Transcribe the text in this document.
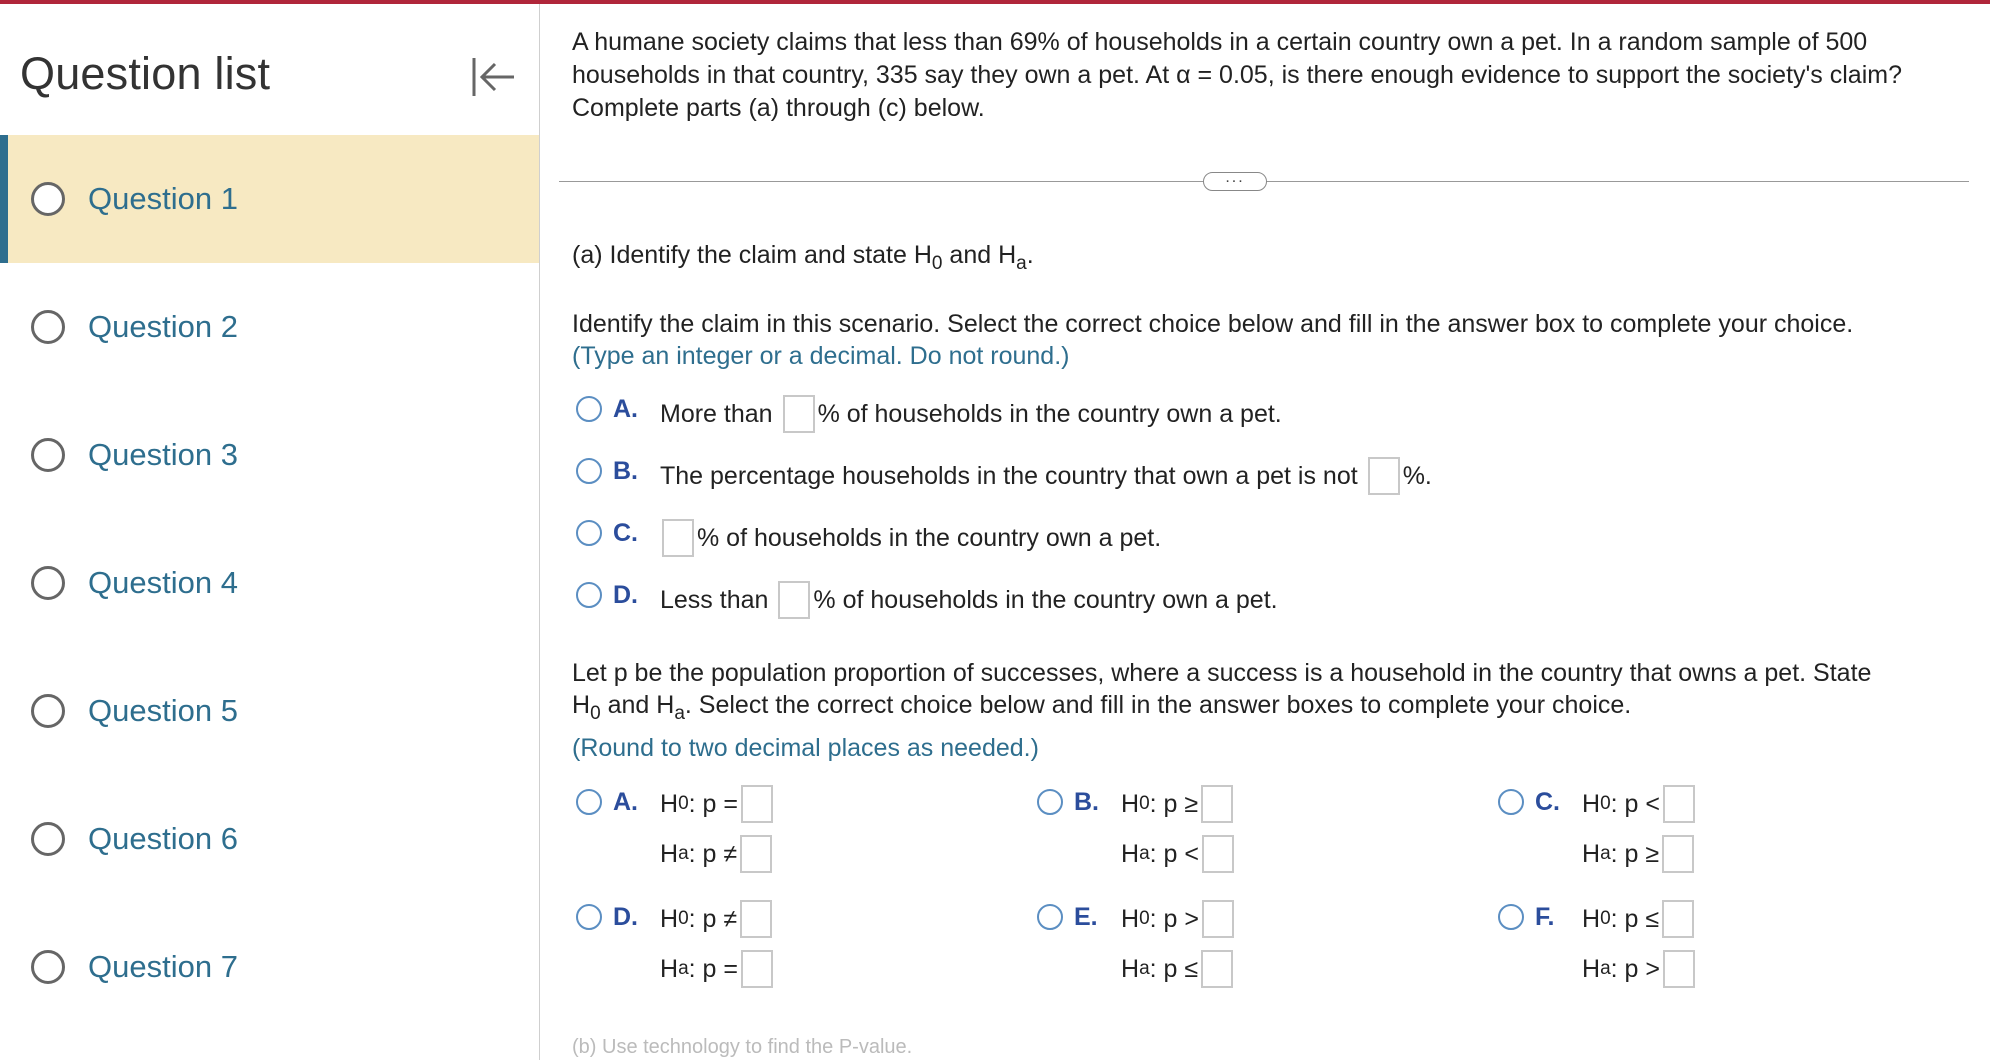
Question list
Question 1
Question 2
Question 3
Question 4
Question 5
Question 6
Question 7
A humane society claims that less than 69% of households in a certain country own a pet. In a random sample of 500 households in that country, 335 say they own a pet. At α = 0.05, is there enough evidence to support the society's claim? Complete parts (a) through (c) below.
...
(a) Identify the claim and state $H_0$ and $H_a$.
Identify the claim in this scenario. Select the correct choice below and fill in the answer box to complete your choice.
(Type an integer or a decimal. Do not round.)
A. More than % of households in the country own a pet.
B. The percentage households in the country that own a pet is not %.
C. % of households in the country own a pet.
D. Less than % of households in the country own a pet.
Let p be the population proportion of successes, where a success is a household in the country that owns a pet. State
$H_0$ and $H_a$. Select the correct choice below and fill in the answer boxes to complete your choice.
(Round to two decimal places as needed.)
A. H 0 : p =
H a : p ≠
B. H 0 : p ≥
H a : p <
C. H 0 : p <
H a : p ≥
D. H 0 : p ≠
H a : p =
E. H 0 : p >
H a : p ≤
F. H 0 : p ≤
H a : p >
(b) Use technology to find the P-value.
